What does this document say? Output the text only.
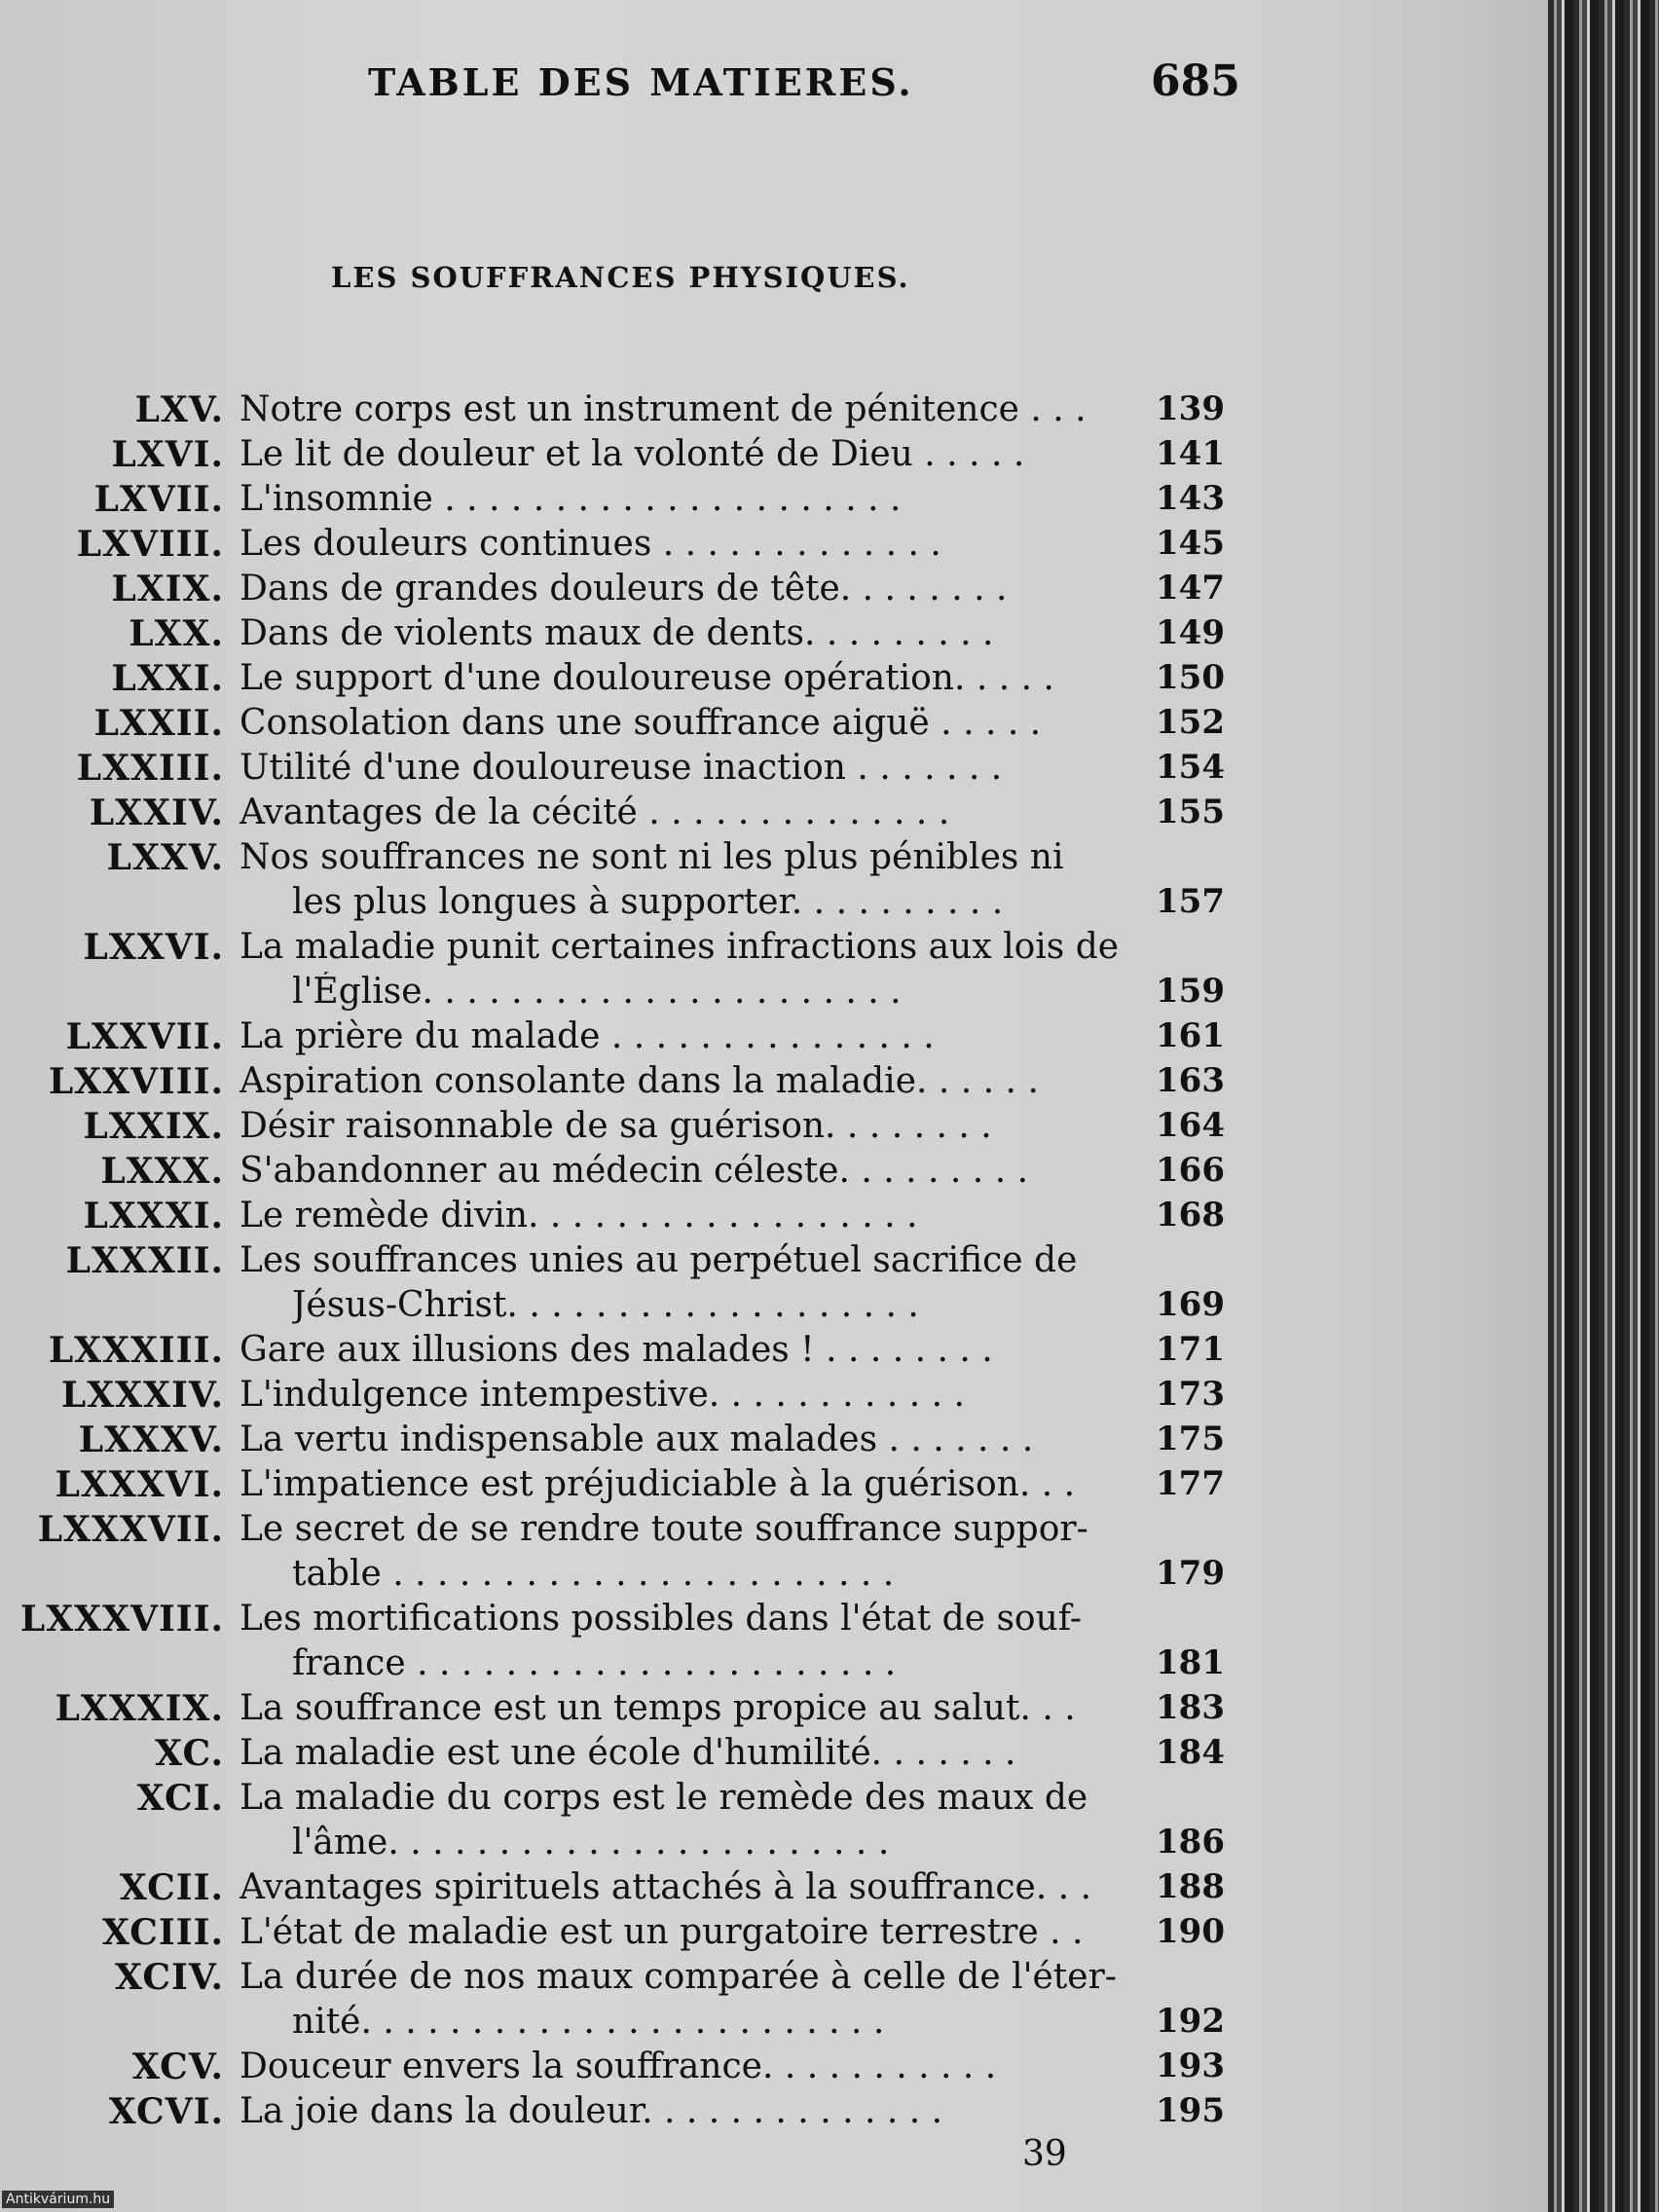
TABLE DES MATIERES.	685
LES SOUFFRANCES PHYSIQUES.
LXV. Notre corps est un instrument de pénitence . . .	139
LXVI. Le lit de douleur et la volonté de Dieu . . . . .	141
LXVII. L'insomnie . . . . . . . . . . . . . . . . . . . . .	143
LXVIII. Les douleurs continues . . . . . . . . . . . . .	145
LXIX. Dans de grandes douleurs de tête. . . . . . . .	147
LXX. Dans de violents maux de dents. . . . . . . . .	149
LXXI. Le support d'une douloureuse opération. . . . .	150
LXXII. Consolation dans une souffrance aiguë . . . . .	152
LXXIII. Utilité d'une douloureuse inaction . . . . . . .	154
LXXIV. Avantages de la cécité . . . . . . . . . . . . . .	155
LXXV. Nos souffrances ne sont ni les plus pénibles ni
les plus longues à supporter. . . . . . . . . .	157
LXXVI. La maladie punit certaines infractions aux lois de
l'Église. . . . . . . . . . . . . . . . . . . . . .	159
LXXVII. La prière du malade . . . . . . . . . . . . . . .	161
LXXVIII. Aspiration consolante dans la maladie. . . . . .	163
LXXIX. Désir raisonnable de sa guérison. . . . . . . .	164
LXXX. S'abandonner au médecin céleste. . . . . . . . .	166
LXXXI. Le remède divin. . . . . . . . . . . . . . . . . .	168
LXXXII. Les souffrances unies au perpétuel sacrifice de
Jésus-Christ. . . . . . . . . . . . . . . . . . .	169
LXXXIII. Gare aux illusions des malades ! . . . . . . . .	171
LXXXIV. L'indulgence intempestive. . . . . . . . . . . .	173
LXXXV. La vertu indispensable aux malades . . . . . . .	175
LXXXVI. L'impatience est préjudiciable à la guérison. . .	177
LXXXVII. Le secret de se rendre toute souffrance suppor-
table . . . . . . . . . . . . . . . . . . . . . . .	179
LXXXVIII. Les mortifications possibles dans l'état de souf-
france . . . . . . . . . . . . . . . . . . . . . .	181
LXXXIX. La souffrance est un temps propice au salut. . .	183
XC. La maladie est une école d'humilité. . . . . . .	184
XCI. La maladie du corps est le remède des maux de
l'âme. . . . . . . . . . . . . . . . . . . . . . .	186
XCII. Avantages spirituels attachés à la souffrance. . .	188
XCIII. L'état de maladie est un purgatoire terrestre . .	190
XCIV. La durée de nos maux comparée à celle de l'éter-
nité. . . . . . . . . . . . . . . . . . . . . . . .	192
XCV. Douceur envers la souffrance. . . . . . . . . . .	193
XCVI. La joie dans la douleur. . . . . . . . . . . . . .	195
39
Antikvárium.hu
